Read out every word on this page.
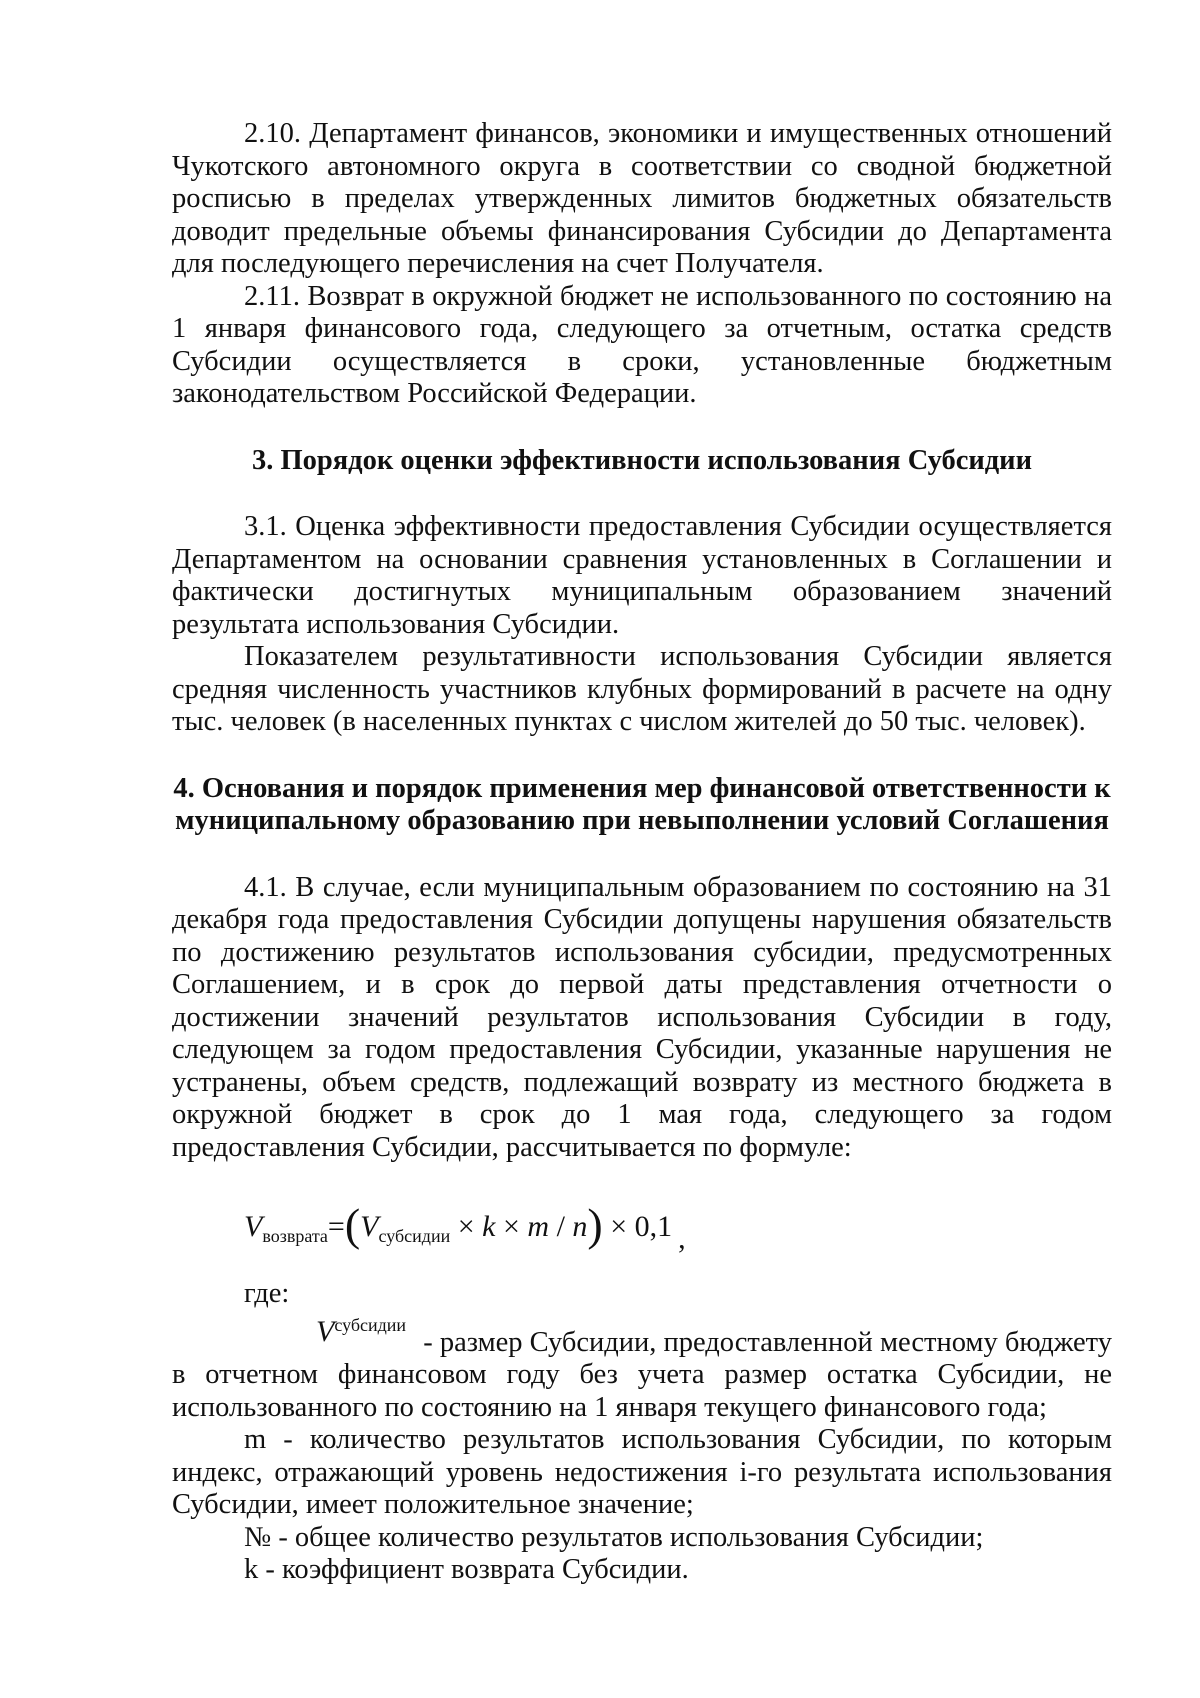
2.10. Департамент финансов, экономики и имущественных отношений Чукотского автономного округа в соответствии со сводной бюджетной росписью в пределах утвержденных лимитов бюджетных обязательств доводит предельные объемы финансирования Субсидии до Департамента для последующего перечисления на счет Получателя.

2.11. Возврат в окружной бюджет не использованного по состоянию на 1 января финансового года, следующего за отчетным, остатка средств Субсидии осуществляется в сроки, установленные бюджетным законодательством Российской Федерации.

3. Порядок оценки эффективности использования Субсидии

3.1. Оценка эффективности предоставления Субсидии осуществляется Департаментом на основании сравнения установленных в Соглашении и фактически достигнутых муниципальным образованием значений результата использования Субсидии.

Показателем результативности использования Субсидии является средняя численность участников клубных формирований в расчете на одну тыс. человек (в населенных пунктах с числом жителей до 50 тыс. человек).

4. Основания и порядок применения мер финансовой ответственности к

муниципальному образованию при невыполнении условий Соглашения

4.1. В случае, если муниципальным образованием по состоянию на 31 декабря года предоставления Субсидии допущены нарушения обязательств по достижению результатов использования субсидии, предусмотренных Соглашением, и в срок до первой даты представления отчетности о достижении значений результатов использования Субсидии в году, следующем за годом предоставления Субсидии, указанные нарушения не устранены, объем средств, подлежащий возврату из местного бюджета в окружной бюджет в срок до 1 мая года, следующего за годом предоставления Субсидии, рассчитывается по формуле:

$V_{возврата}=(V_{субсидии} \times k \times m / n) \times 0,1$ ,
где:

$V_{субсидии}$ - размер Субсидии, предоставленной местному бюджету в отчетном финансовом году без учета размер остатка Субсидии, не использованного по состоянию на 1 января текущего финансового года;

m - количество результатов использования Субсидии, по которым индекс, отражающий уровень недостижения i-го результата использования Субсидии, имеет положительное значение;

№ - общее количество результатов использования Субсидии;

k - коэффициент возврата Субсидии.
